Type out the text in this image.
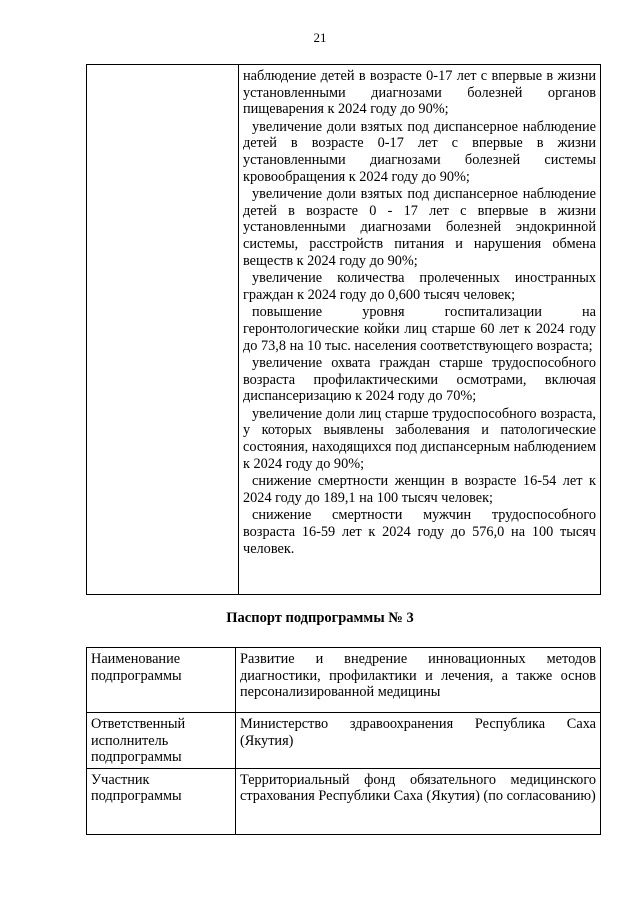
21

наблюдение детей в возрасте 0-17 лет с впервые в жизни установленными диагнозами болезней органов пищеварения к 2024 году до 90%;
увеличение доли взятых под диспансерное наблюдение детей в возрасте 0-17 лет с впервые в жизни установленными диагнозами болезней системы кровообращения к 2024 году до 90%;
увеличение доли взятых под диспансерное наблюдение детей в возрасте 0 - 17 лет с впервые в жизни установленными диагнозами болезней эндокринной системы, расстройств питания и нарушения обмена веществ к 2024 году до 90%;
увеличение количества пролеченных иностранных граждан к 2024 году до 0,600 тысяч человек;
повышение уровня госпитализации на геронтологические койки лиц старше 60 лет к 2024 году до 73,8 на 10 тыс. населения соответствующего возраста;
увеличение охвата граждан старше трудоспособного возраста профилактическими осмотрами, включая диспансеризацию к 2024 году до 70%;
увеличение доли лиц старше трудоспособного возраста, у которых выявлены заболевания и патологические состояния, находящихся под диспансерным наблюдением к 2024 году до 90%;
снижение смертности женщин в возрасте 16-54 лет к 2024 году до 189,1 на 100 тысяч человек;
снижение смертности мужчин трудоспособного возраста 16-59 лет к 2024 году до 576,0 на 100 тысяч человек.
Паспорт подпрограммы № 3
Наименование подпрограммы	Развитие и внедрение инновационных методов диагностики, профилактики и лечения, а также основ персонализированной медицины
Ответственный исполнитель подпрограммы	Министерство здравоохранения Республика Саха (Якутия)
Участник подпрограммы	Территориальный фонд обязательного медицинского страхования Республики Саха (Якутия) (по согласованию)
